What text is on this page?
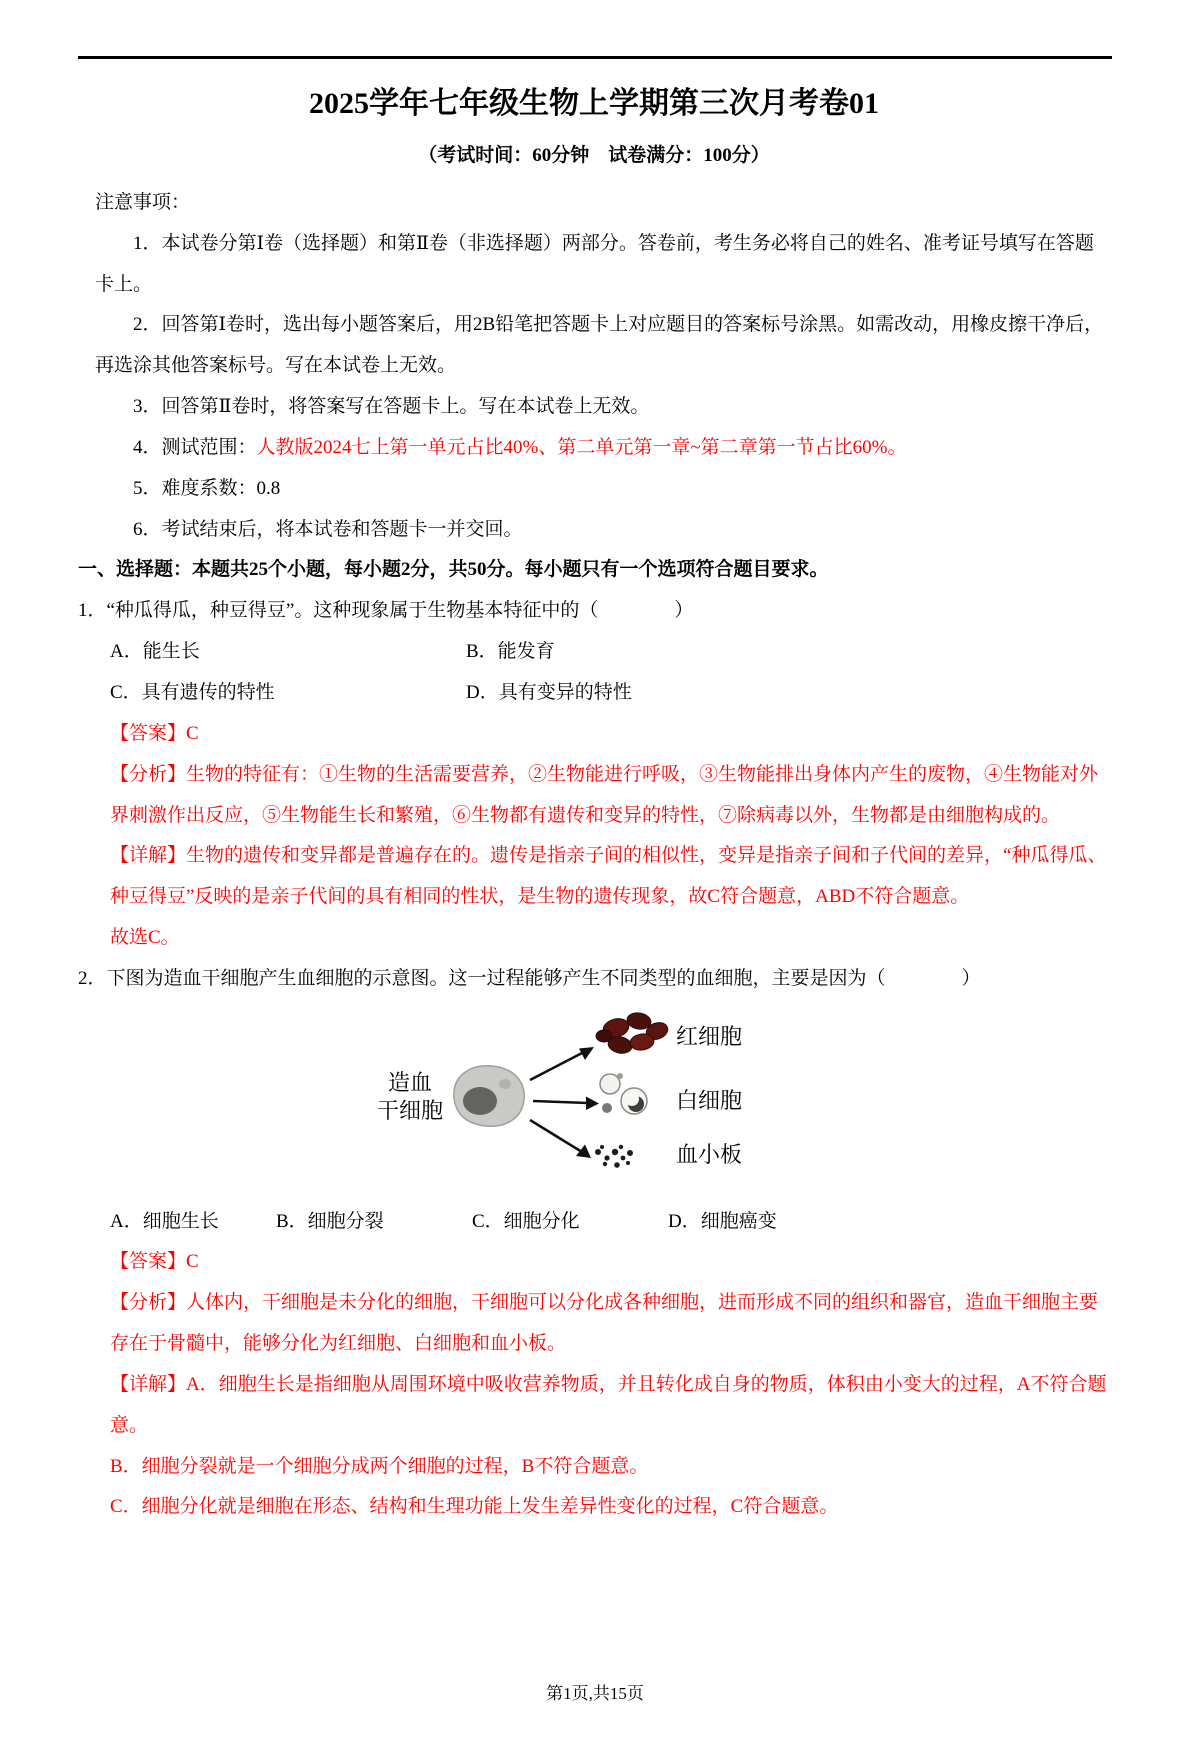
2025学年七年级生物上学期第三次月考卷01

（考试时间：60分钟　试卷满分：100分）

注意事项：

1．本试卷分第Ⅰ卷（选择题）和第Ⅱ卷（非选择题）两部分。答卷前，考生务必将自己的姓名、准考证号填写在答题卡上。

2．回答第Ⅰ卷时，选出每小题答案后，用2B铅笔把答题卡上对应题目的答案标号涂黑。如需改动，用橡皮擦干净后，再选涂其他答案标号。写在本试卷上无效。

3．回答第Ⅱ卷时，将答案写在答题卡上。写在本试卷上无效。

4．测试范围：人教版2024七上第一单元占比40%、第二单元第一章~第二章第一节占比60%。

5．难度系数：0.8

6．考试结束后，将本试卷和答题卡一并交回。

一、选择题：本题共25个小题，每小题2分，共50分。每小题只有一个选项符合题目要求。

1．“种瓜得瓜，种豆得豆”。这种现象属于生物基本特征中的（　　　　）

A．能生长	B．能发育
C．具有遗传的特性	D．具有变异的特性

【答案】C

【分析】生物的特征有：①生物的生活需要营养，②生物能进行呼吸，③生物能排出身体内产生的废物，④生物能对外界刺激作出反应，⑤生物能生长和繁殖，⑥生物都有遗传和变异的特性，⑦除病毒以外，生物都是由细胞构成的。

【详解】生物的遗传和变异都是普遍存在的。遗传是指亲子间的相似性，变异是指亲子间和子代间的差异，“种瓜得瓜、种豆得豆”反映的是亲子代间的具有相同的性状，是生物的遗传现象，故C符合题意，ABD不符合题意。

故选C。

2．下图为造血干细胞产生血细胞的示意图。这一过程能够产生不同类型的血细胞，主要是因为（　　　　）

造血
干细胞
红细胞
白细胞
血小板
A．细胞生长	B．细胞分裂	C．细胞分化	D．细胞癌变

【答案】C

【分析】人体内，干细胞是未分化的细胞，干细胞可以分化成各种细胞，进而形成不同的组织和器官，造血干细胞主要存在于骨髓中，能够分化为红细胞、白细胞和血小板。

【详解】A．细胞生长是指细胞从周围环境中吸收营养物质，并且转化成自身的物质，体积由小变大的过程，A不符合题意。

B．细胞分裂就是一个细胞分成两个细胞的过程，B不符合题意。

C．细胞分化就是细胞在形态、结构和生理功能上发生差异性变化的过程，C符合题意。

第1页,共15页
